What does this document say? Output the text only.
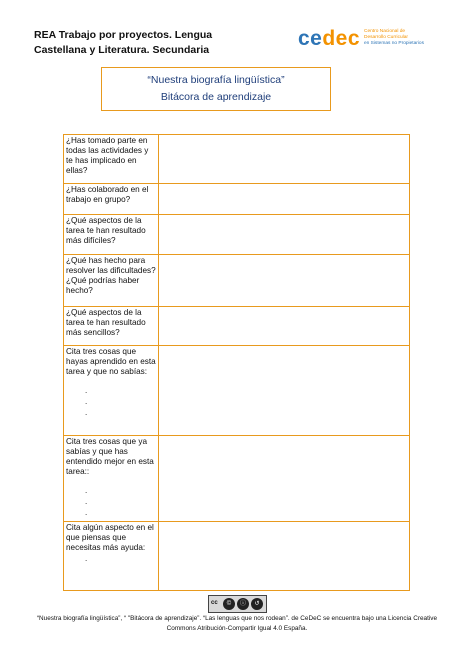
REA Trabajo por proyectos. Lengua
Castellana y Literatura. Secundaria	cedec Centro Nacional de
Desarrollo Curricular
en Sistemas no Propietarios
“Nuestra biografía lingüística”
Bitácora de aprendizaje
¿Has tomado parte en todas las actividades y te has implicado en ellas?	

¿Has colaborado en el trabajo en grupo?	

¿Qué aspectos de la tarea te han resultado más difíciles?	

¿Qué has hecho para resolver las dificultades? ¿Qué podrías haber hecho?	

¿Qué aspectos de la tarea te han resultado más sencillos?	

Cita tres cosas que hayas aprendido en esta tarea y que no sabías:
.
.
.	

Cita tres cosas que ya sabías y que has entendido mejor en esta tarea::
.
.
.	

Cita algún aspecto en el que piensas que necesitas más ayuda:
.	

cc	©	ⓘ	↺
“Nuestra biografía lingüística”, “ "Bitácora de aprendizaje”. “Las lenguas que nos rodean”. de CeDeC se encuentra bajo una Licencia Creative
Commons Atribución-Compartir Igual 4.0 España.
